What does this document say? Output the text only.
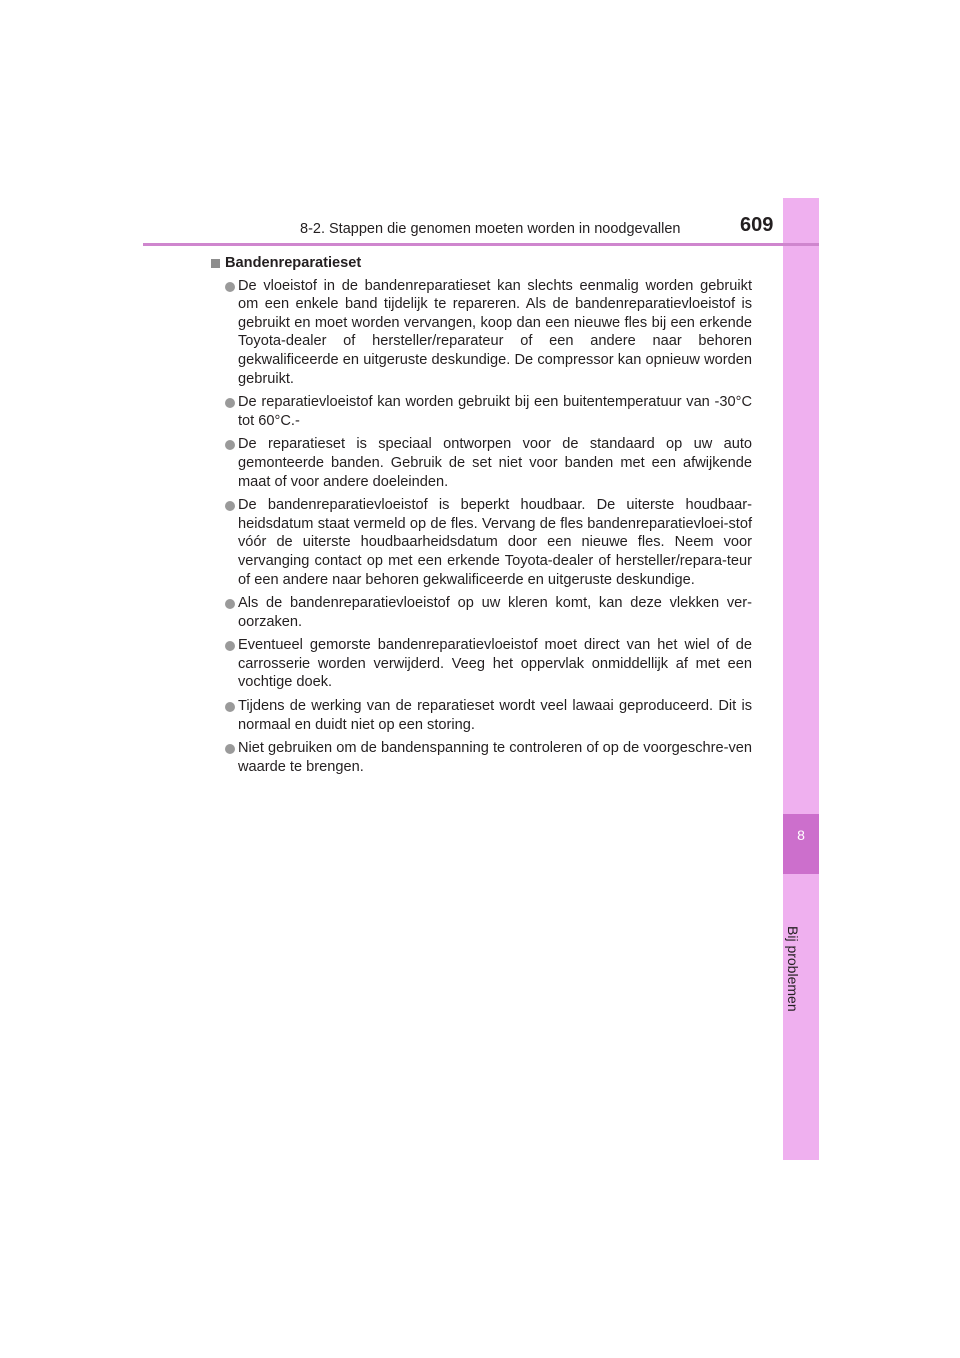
8
Bij problemen
8-2. Stappen die genomen moeten worden in noodgevallen	609
Bandenreparatieset
De vloeistof in de bandenreparatieset kan slechts eenmalig worden gebruikt om een enkele band tijdelijk te repareren. Als de bandenreparatievloeistof is gebruikt en moet worden vervangen, koop dan een nieuwe fles bij een erkende Toyota-dealer of hersteller/reparateur of een andere naar behoren gekwalificeerde en uitgeruste deskundige. De compressor kan opnieuw worden gebruikt.
De reparatievloeistof kan worden gebruikt bij een buitentemperatuur van -30°C tot 60°C.-
De reparatieset is speciaal ontworpen voor de standaard op uw auto gemonteerde banden. Gebruik de set niet voor banden met een afwijkende maat of voor andere doeleinden.
De bandenreparatievloeistof is beperkt houdbaar. De uiterste houdbaar-heidsdatum staat vermeld op de fles. Vervang de fles bandenreparatievloei-stof vóór de uiterste houdbaarheidsdatum door een nieuwe fles. Neem voor vervanging contact op met een erkende Toyota-dealer of hersteller/repara-teur of een andere naar behoren gekwalificeerde en uitgeruste deskundige.
Als de bandenreparatievloeistof op uw kleren komt, kan deze vlekken ver-oorzaken.
Eventueel gemorste bandenreparatievloeistof moet direct van het wiel of de carrosserie worden verwijderd. Veeg het oppervlak onmiddellijk af met een vochtige doek.
Tijdens de werking van de reparatieset wordt veel lawaai geproduceerd. Dit is normaal en duidt niet op een storing.
Niet gebruiken om de bandenspanning te controleren of op de voorgeschre-ven waarde te brengen.
